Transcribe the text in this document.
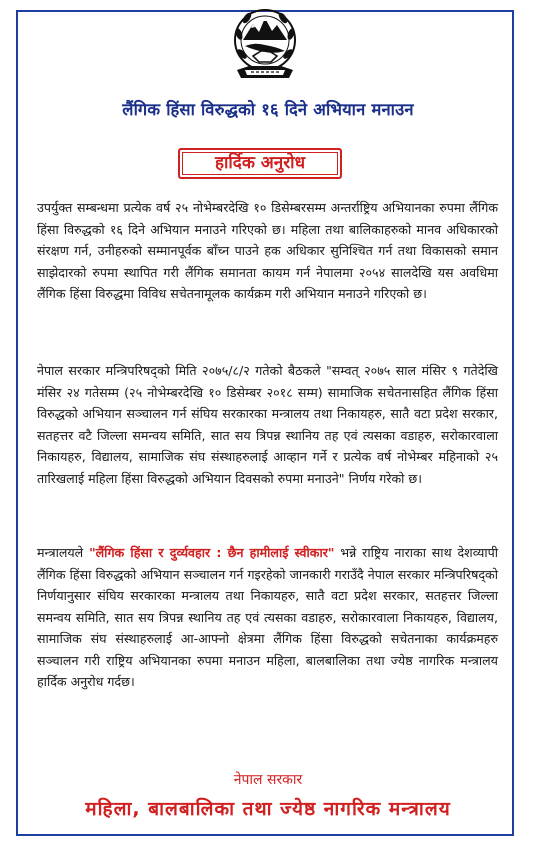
लैंगिक हिंसा विरुद्धको १६ दिने अभियान मनाउन
हार्दिक अनुरोध

उपर्युक्त सम्बन्धमा प्रत्येक वर्ष २५ नोभेम्बरदेखि १० डिसेम्बरसम्म अन्तर्राष्ट्रिय अभियानका रुपमा लैंगिक हिंसा विरुद्धको १६ दिने अभियान मनाउने गरिएको छ। महिला तथा बालिकाहरुको मानव अधिकारको संरक्षण गर्न, उनीहरुको सम्मानपूर्वक बाँच्न पाउने हक अधिकार सुनिश्चित गर्न तथा विकासको समान साझेदारको रुपमा स्थापित गरी लैंगिक समानता कायम गर्न नेपालमा २०५४ सालदेखि यस अवधिमा लैंगिक हिंसा विरुद्धमा विविध सचेतनामूलक कार्यक्रम गरी अभियान मनाउने गरिएको छ।

नेपाल सरकार मन्त्रिपरिषद्को मिति २०७५/८/२ गतेको बैठकले "सम्वत् २०७५ साल मंसिर ९ गतेदेखि मंसिर २४ गतेसम्म (२५ नोभेम्बरदेखि १० डिसेम्बर २०१८ सम्म) सामाजिक सचेतनासहित लैंगिक हिंसा विरुद्धको अभियान सञ्चालन गर्न संघिय सरकारका मन्त्रालय तथा निकायहरु, सातै वटा प्रदेश सरकार, सतहत्तर वटै जिल्ला समन्वय समिति, सात सय त्रिपन्न स्थानिय तह एवं त्यसका वडाहरु, सरोकारवाला निकायहरु, विद्यालय, सामाजिक संघ संस्थाहरुलाई आव्हान गर्ने र प्रत्येक वर्ष नोभेम्बर महिनाको २५ तारिखलाई महिला हिंसा विरुद्धको अभियान दिवसको रुपमा मनाउने" निर्णय गरेको छ।

मन्त्रालयले "लैंगिक हिंसा र दुर्व्यवहार : छैन हामीलाई स्वीकार" भन्ने राष्ट्रिय नाराका साथ देशव्यापी लैंगिक हिंसा विरुद्धको अभियान सञ्चालन गर्न गइरहेको जानकारी गराउँदै नेपाल सरकार मन्त्रिपरिषद्को निर्णयानुसार संघिय सरकारका मन्त्रालय तथा निकायहरु, सातै वटा प्रदेश सरकार, सतहत्तर जिल्ला समन्वय समिति, सात सय त्रिपन्न स्थानिय तह एवं त्यसका वडाहरु, सरोकारवाला निकायहरु, विद्यालय, सामाजिक संघ संस्थाहरुलाई आ-आफ्नो क्षेत्रमा लैंगिक हिंसा विरुद्धको सचेतनाका कार्यक्रमहरु सञ्चालन गरी राष्ट्रिय अभियानका रुपमा मनाउन महिला, बालबालिका तथा ज्येष्ठ नागरिक मन्त्रालय हार्दिक अनुरोध गर्दछ।

नेपाल सरकार
महिला, बालबालिका तथा ज्येष्ठ नागरिक मन्त्रालय
